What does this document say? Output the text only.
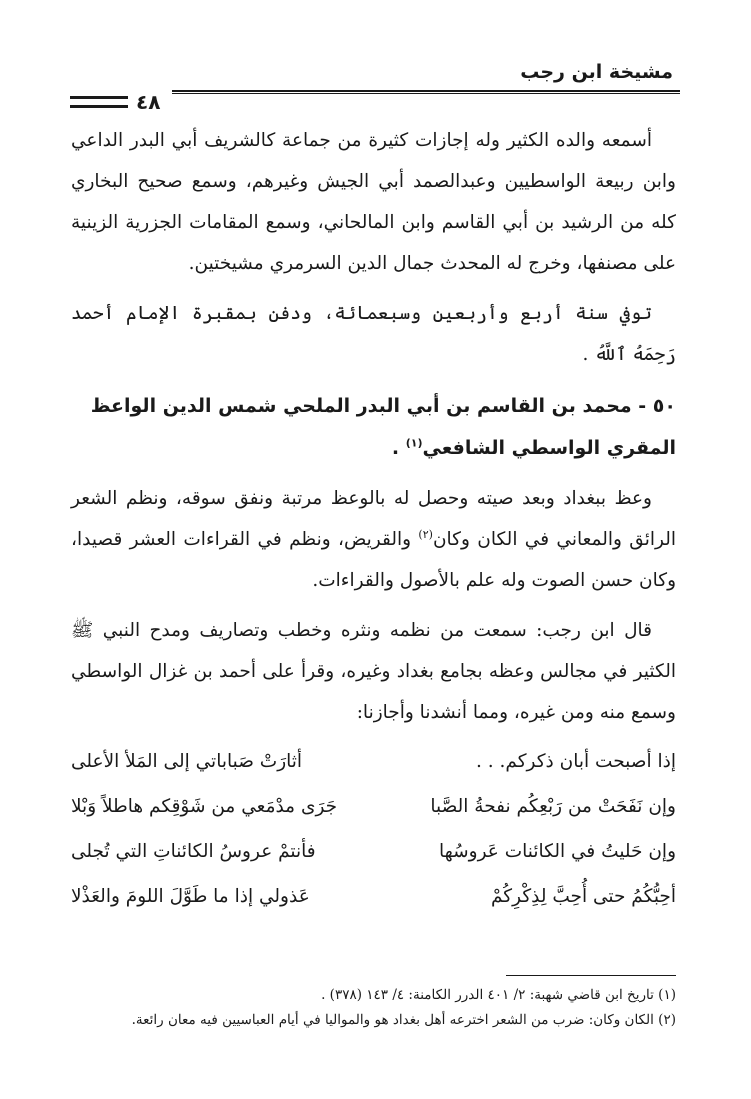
مشيخة ابن رجب
٤٨

أسمعه والده الكثير وله إجازات كثيرة من جماعة كالشريف أبي البدر الداعي وابن ربيعة الواسطيين وعبدالصمد أبي الجيش وغيرهم، وسمع صحيح البخاري كله من الرشيد بن أبي القاسم وابن المالحاني، وسمع المقامات الجزرية الزينية على مصنفها، وخرج له المحدث جمال الدين السرمري مشيختين.

توفي سنة أربع وأربعين وسبعمائة، ودفن بمقبرة الإمام أحمد رَحِمَهُ ٱللَّهُ .

٥٠ - محمد بن القاسم بن أبي البدر الملحي شمس الدين الواعظ المقري الواسطي الشافعي$^{(١)}$ .

وعظ ببغداد وبعد صيته وحصل له بالوعظ مرتبة ونفق سوقه، ونظم الشعر الرائق والمعاني في الكان وكان$^{(٢)}$ والقريض، ونظم في القراءات العشر قصيدا، وكان حسن الصوت وله علم بالأصول والقراءات.

قال ابن رجب: سمعت من نظمه ونثره وخطب وتصاريف ومدح النبي ﷺ الكثير في مجالس وعظه بجامع بغداد وغيره، وقرأ على أحمد بن غزال الواسطي وسمع منه ومن غيره، ومما أنشدنا وأجازنا:

إذا أصبحت أبان ذكركم. . .
أثارَتْ صَباباتي إلى المَلأ الأعلى
وإن نَفَحَتْ من رَبْعِكُم نفحةُ الصَّبا
جَرَى مدْمَعي من شَوْقِكم هاطلاً وَبْلا
وإن حَليتُ في الكائنات عَروسُها
فأنتمْ عروسُ الكائناتِ التي تُجلى
أحِبُّكُمُ حتى أُحِبَّ لِذِكْرِكُمْ
عَذولي إذا ما طَوَّلَ اللومَ والعَذْلا

(١) تاريخ ابن قاضي شهبة: ٢/ ٤٠١ الدرر الكامنة: ٤/ ١٤٣ (٣٧٨) .

(٢) الكان وكان: ضرب من الشعر اخترعه أهل بغداد هو والمواليا في أيام العباسيين فيه معان رائعة.
